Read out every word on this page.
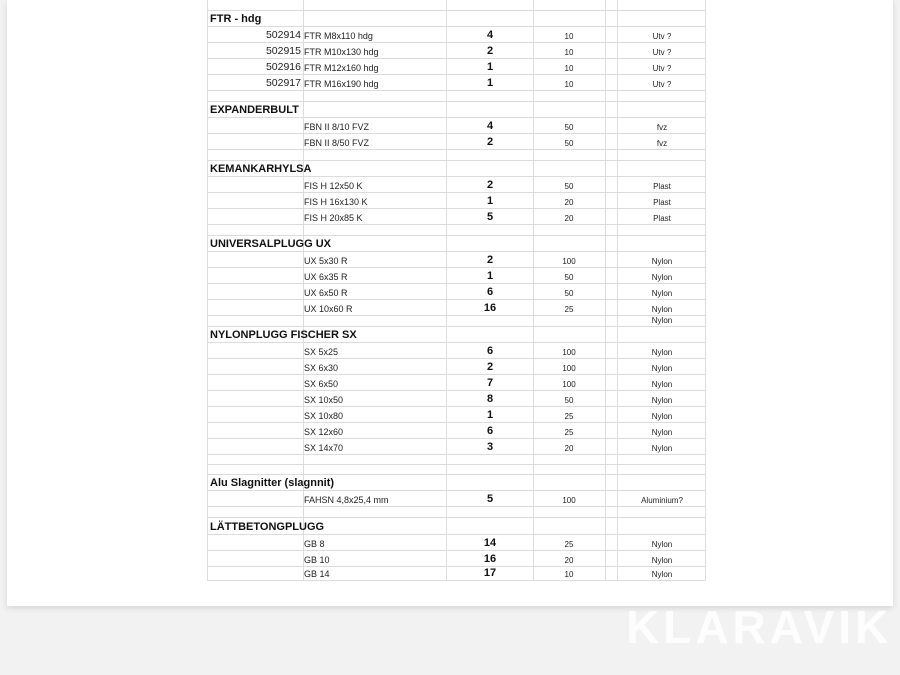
FTR - hdg
502914 FTR M8x110 hdg	4	10	Utv ?
502915 FTR M10x130 hdg	2	10	Utv ?
502916 FTR M12x160 hdg	1	10	Utv ?
502917 FTR M16x190 hdg	1	10	Utv ?
EXPANDERBULT
FBN II 8/10 FVZ	4	50	fvz
FBN II 8/50 FVZ	2	50	fvz
KEMANKARHYLSA
FIS H 12x50 K	2	50	Plast
FIS H 16x130 K	1	20	Plast
FIS H 20x85 K	5	20	Plast
UNIVERSALPLUGG UX
UX 5x30 R	2	100	Nylon
UX 6x35 R	1	50	Nylon
UX 6x50 R	6	50	Nylon
UX 10x60 R	16	25	Nylon
Nylon
NYLONPLUGG FISCHER SX
SX 5x25	6	100	Nylon
SX 6x30	2	100	Nylon
SX 6x50	7	100	Nylon
SX 10x50	8	50	Nylon
SX 10x80	1	25	Nylon
SX 12x60	6	25	Nylon
SX 14x70	3	20	Nylon
Alu Slagnitter (slagnnit)
FAHSN 4,8x25,4 mm	5	100	Aluminium?
LÄTTBETONGPLUGG
GB 8	14	25	Nylon
GB 10	16	20	Nylon
GB 14	17	10	Nylon
KLARAVIK
